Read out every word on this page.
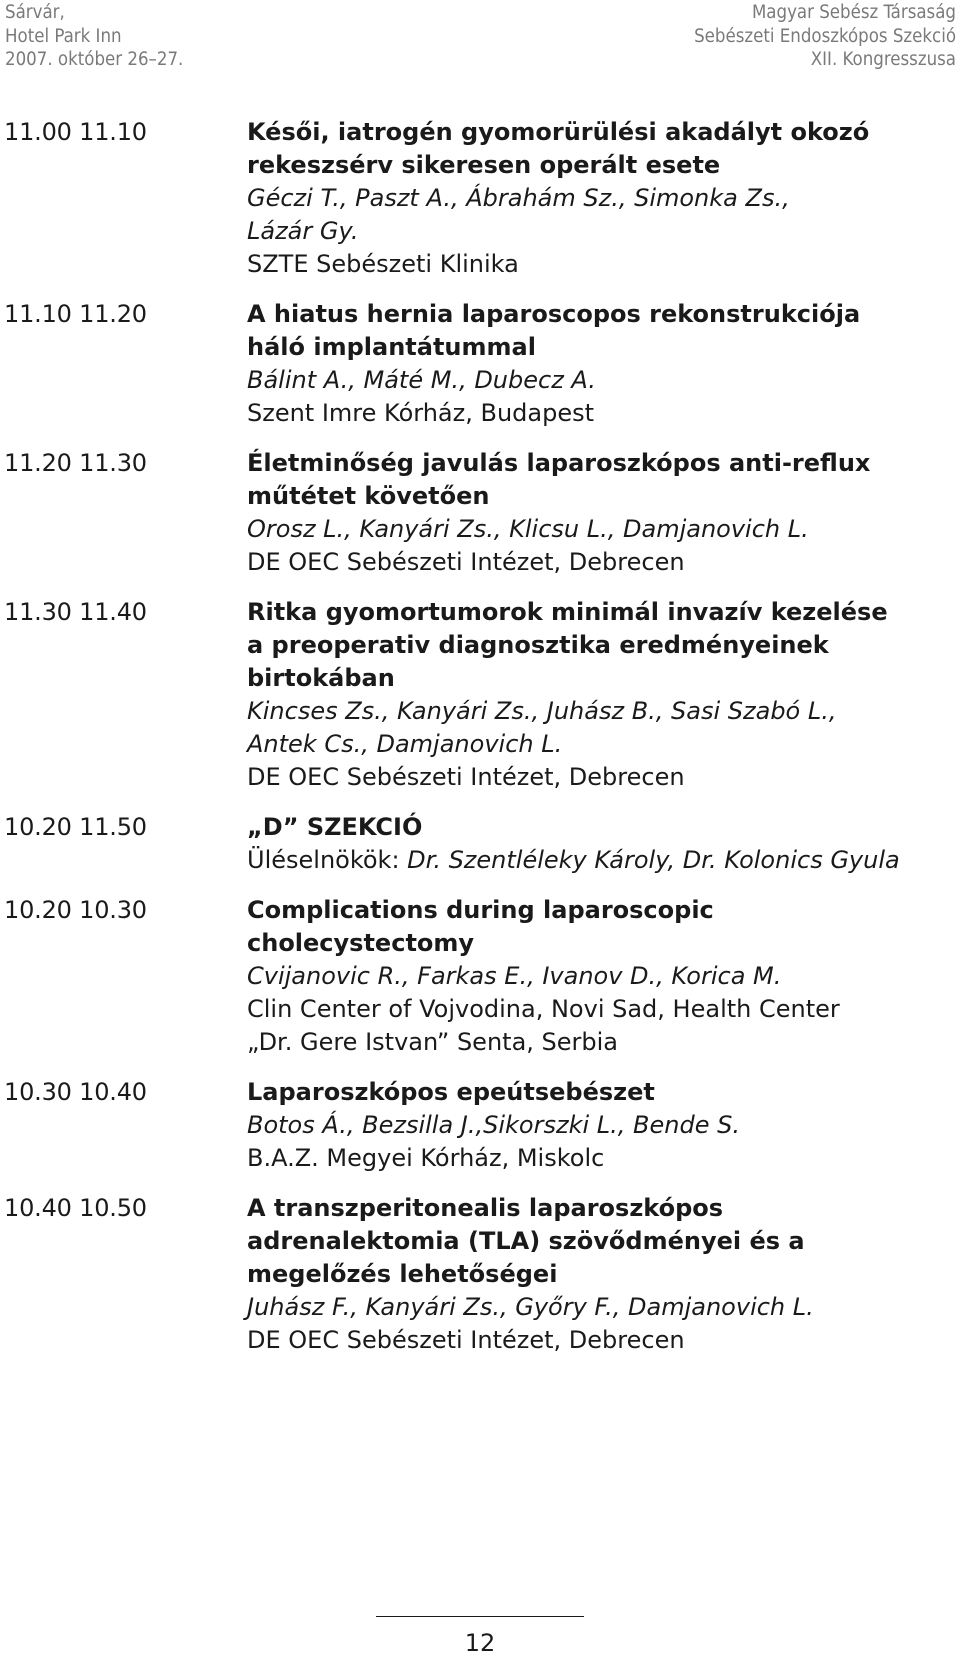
Sárvár,
Hotel Park Inn
2007. október 26–27.
Magyar Sebész Társaság
Sebészeti Endoszkópos Szekció
XII. Kongresszusa
11.00 11.10	Késői, iatrogén gyomorürülési akadályt okozó
rekeszsérv sikeresen operált esete
Géczi T., Paszt A., Ábrahám Sz., Simonka Zs.,
Lázár Gy.
SZTE Sebészeti Klinika
11.10 11.20	A hiatus hernia laparoscopos rekonstrukciója
háló implantátummal
Bálint A., Máté M., Dubecz A.
Szent Imre Kórház, Budapest
11.20 11.30	Életminőség javulás laparoszkópos anti-reflux
műtétet követően
Orosz L., Kanyári Zs., Klicsu L., Damjanovich L.
DE OEC Sebészeti Intézet, Debrecen
11.30 11.40	Ritka gyomortumorok minimál invazív kezelése
a preoperativ diagnosztika eredményeinek
birtokában
Kincses Zs., Kanyári Zs., Juhász B., Sasi Szabó L.,
Antek Cs., Damjanovich L.
DE OEC Sebészeti Intézet, Debrecen
10.20 11.50	„D” SZEKCIÓ
Üléselnökök: Dr. Szentléleky Károly, Dr. Kolonics Gyula
10.20 10.30	Complications during laparoscopic
cholecystectomy
Cvijanovic R., Farkas E., Ivanov D., Korica M.
Clin Center of Vojvodina, Novi Sad, Health Center
„Dr. Gere Istvan” Senta, Serbia
10.30 10.40	Laparoszkópos epeútsebészet
Botos Á., Bezsilla J.,Sikorszki L., Bende S.
B.A.Z. Megyei Kórház, Miskolc
10.40 10.50	A transzperitonealis laparoszkópos
adrenalektomia (TLA) szövődményei és a
megelőzés lehetőségei
Juhász F., Kanyári Zs., Győry F., Damjanovich L.
DE OEC Sebészeti Intézet, Debrecen
12
